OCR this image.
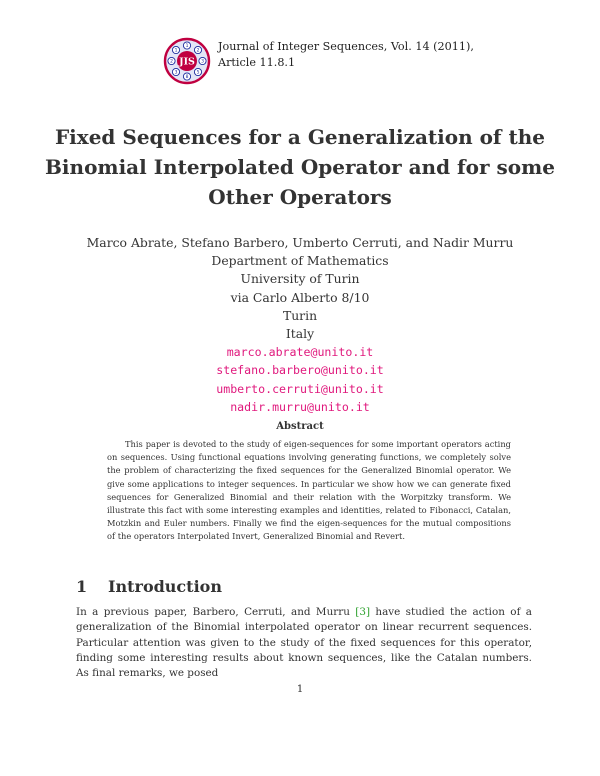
1
2
3
5
8
3
2
1
JIS
Journal of Integer Sequences, Vol. 14 (2011),
Article 11.8.1
Fixed Sequences for a Generalization of the
Binomial Interpolated Operator and for some
Other Operators
Marco Abrate, Stefano Barbero, Umberto Cerruti, and Nadir Murru
Department of Mathematics
University of Turin
via Carlo Alberto 8/10
Turin
Italy
marco.abrate@unito.it
stefano.barbero@unito.it
umberto.cerruti@unito.it
nadir.murru@unito.it
Abstract

This paper is devoted to the study of eigen-sequences for some important operators acting on sequences. Using functional equations involving generating functions, we completely solve the problem of characterizing the fixed sequences for the Generalized Binomial operator. We give some applications to integer sequences. In particular we show how we can generate fixed sequences for Generalized Binomial and their relation with the Worpitzky transform. We illustrate this fact with some interesting examples and identities, related to Fibonacci, Catalan, Motzkin and Euler numbers. Finally we find the eigen-sequences for the mutual compositions of the operators Interpolated Invert, Generalized Binomial and Revert.

1 Introduction

In a previous paper, Barbero, Cerruti, and Murru [3] have studied the action of a generalization of the Binomial interpolated operator on linear recurrent sequences. Particular attention was given to the study of the fixed sequences for this operator, finding some interesting results about known sequences, like the Catalan numbers. As final remarks, we posed

1
